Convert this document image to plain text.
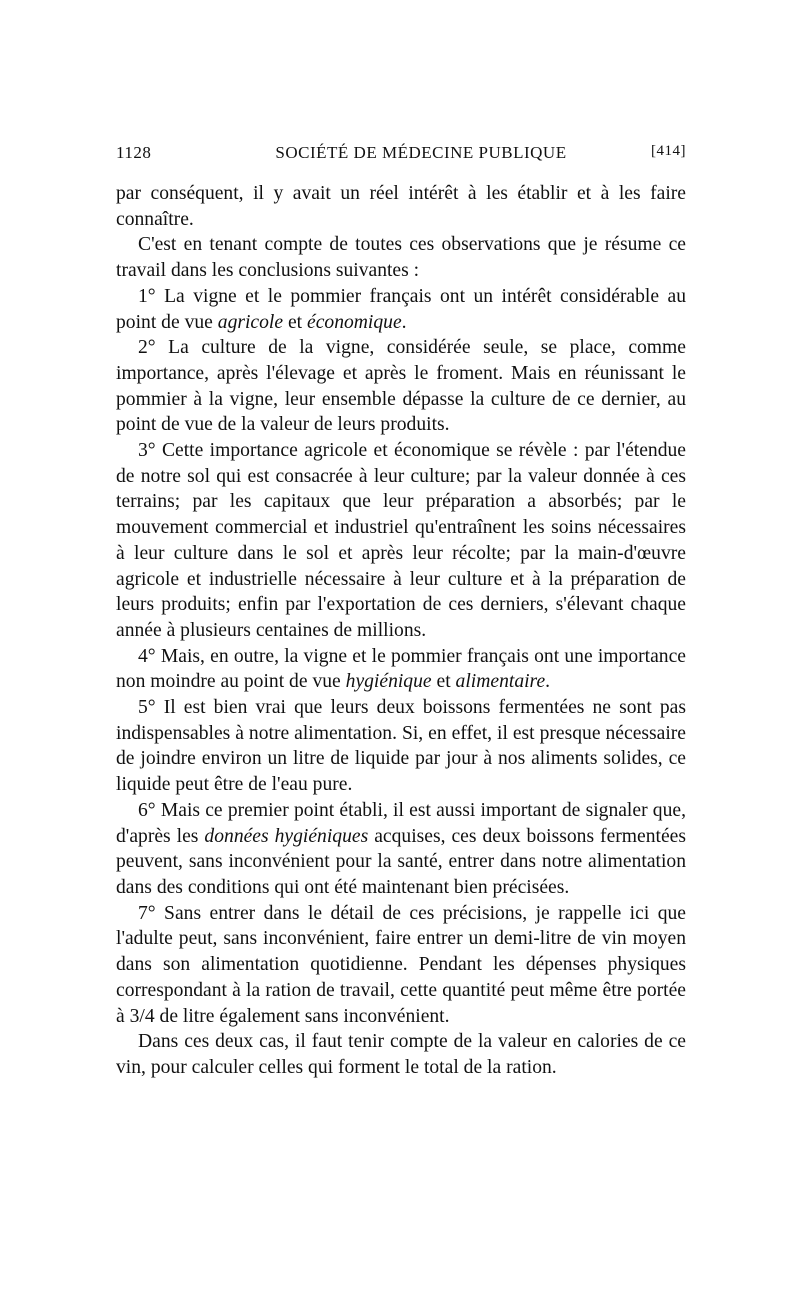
1128	SOCIÉTÉ DE MÉDECINE PUBLIQUE	[414]

par conséquent, il y avait un réel intérêt à les établir et à les faire connaître.

C'est en tenant compte de toutes ces observations que je résume ce travail dans les conclusions suivantes :

1° La vigne et le pommier français ont un intérêt considérable au point de vue agricole et économique.

2° La culture de la vigne, considérée seule, se place, comme importance, après l'élevage et après le froment. Mais en réunissant le pommier à la vigne, leur ensemble dépasse la culture de ce dernier, au point de vue de la valeur de leurs produits.

3° Cette importance agricole et économique se révèle : par l'étendue de notre sol qui est consacrée à leur culture; par la valeur donnée à ces terrains; par les capitaux que leur préparation a absorbés; par le mouvement commercial et industriel qu'entraînent les soins nécessaires à leur culture dans le sol et après leur récolte; par la main-d'œuvre agricole et industrielle nécessaire à leur culture et à la préparation de leurs produits; enfin par l'exportation de ces derniers, s'élevant chaque année à plusieurs centaines de millions.

4° Mais, en outre, la vigne et le pommier français ont une importance non moindre au point de vue hygiénique et alimentaire.

5° Il est bien vrai que leurs deux boissons fermentées ne sont pas indispensables à notre alimentation. Si, en effet, il est presque nécessaire de joindre environ un litre de liquide par jour à nos aliments solides, ce liquide peut être de l'eau pure.

6° Mais ce premier point établi, il est aussi important de signaler que, d'après les données hygiéniques acquises, ces deux boissons fermentées peuvent, sans inconvénient pour la santé, entrer dans notre alimentation dans des conditions qui ont été maintenant bien précisées.

7° Sans entrer dans le détail de ces précisions, je rappelle ici que l'adulte peut, sans inconvénient, faire entrer un demi-litre de vin moyen dans son alimentation quotidienne. Pendant les dépenses physiques correspondant à la ration de travail, cette quantité peut même être portée à 3/4 de litre également sans inconvénient.

Dans ces deux cas, il faut tenir compte de la valeur en calories de ce vin, pour calculer celles qui forment le total de la ration.
